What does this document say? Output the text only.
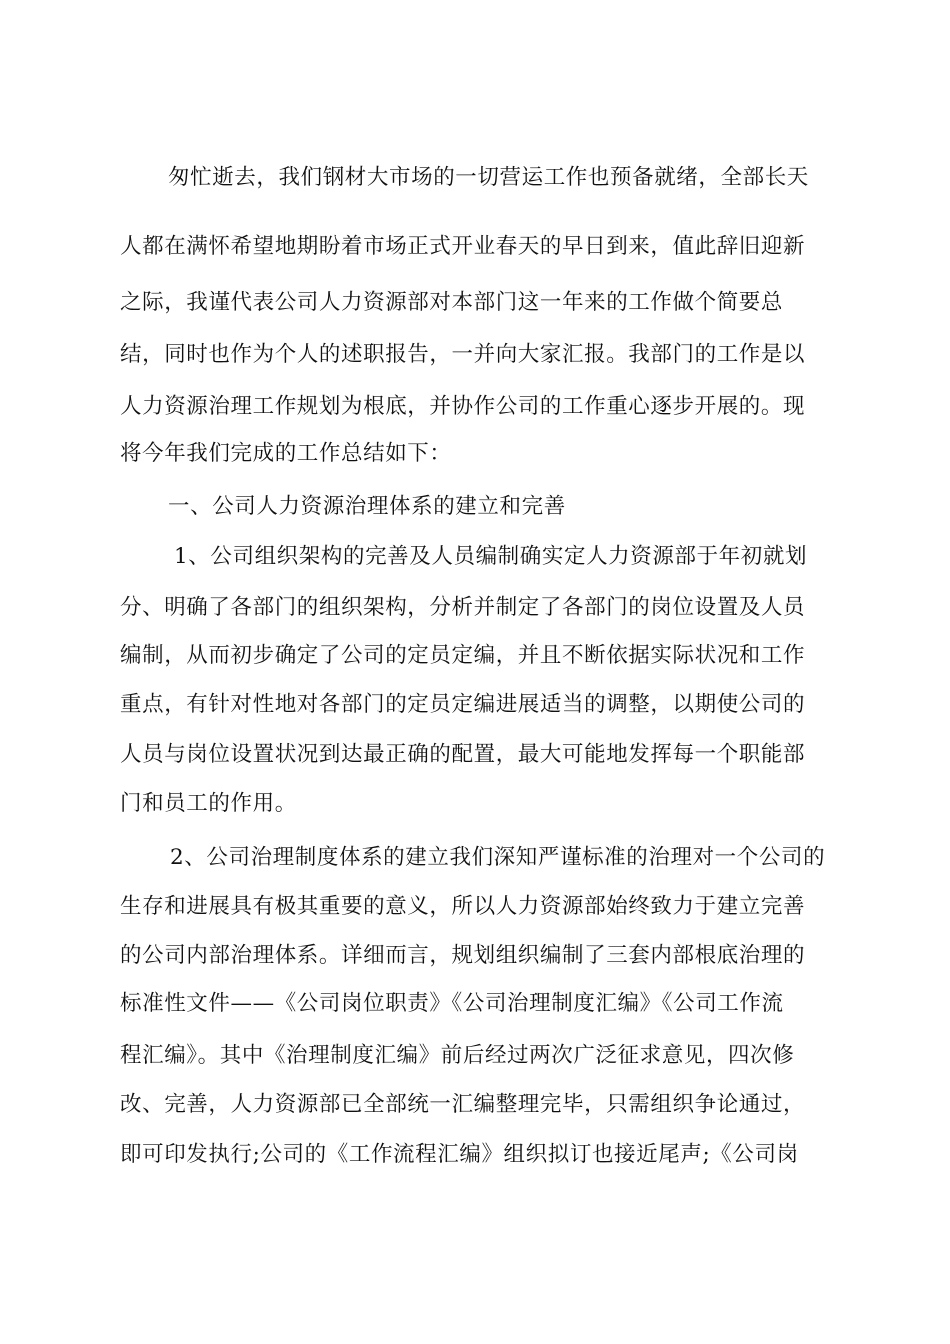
匆忙逝去，我们钢材大市场的一切营运工作也预备就绪，全部长天
人都在满怀希望地期盼着市场正式开业春天的早日到来，值此辞旧迎新
之际，我谨代表公司人力资源部对本部门这一年来的工作做个简要总
结，同时也作为个人的述职报告，一并向大家汇报。我部门的工作是以
人力资源治理工作规划为根底，并协作公司的工作重心逐步开展的。现
将今年我们完成的工作总结如下：
一、公司人力资源治理体系的建立和完善
1、公司组织架构的完善及人员编制确实定人力资源部于年初就划
分、明确了各部门的组织架构，分析并制定了各部门的岗位设置及人员
编制，从而初步确定了公司的定员定编，并且不断依据实际状况和工作
重点，有针对性地对各部门的定员定编进展适当的调整，以期使公司的
人员与岗位设置状况到达最正确的配置，最大可能地发挥每一个职能部
门和员工的作用。
2、公司治理制度体系的建立我们深知严谨标准的治理对一个公司的
生存和进展具有极其重要的意义，所以人力资源部始终致力于建立完善
的公司内部治理体系。详细而言，规划组织编制了三套内部根底治理的
标准性文件——《公司岗位职责》《公司治理制度汇编》《公司工作流
程汇编》。其中《治理制度汇编》前后经过两次广泛征求意见，四次修
改、完善，人力资源部已全部统一汇编整理完毕，只需组织争论通过，
即可印发执行;公司的《工作流程汇编》组织拟订也接近尾声;《公司岗
